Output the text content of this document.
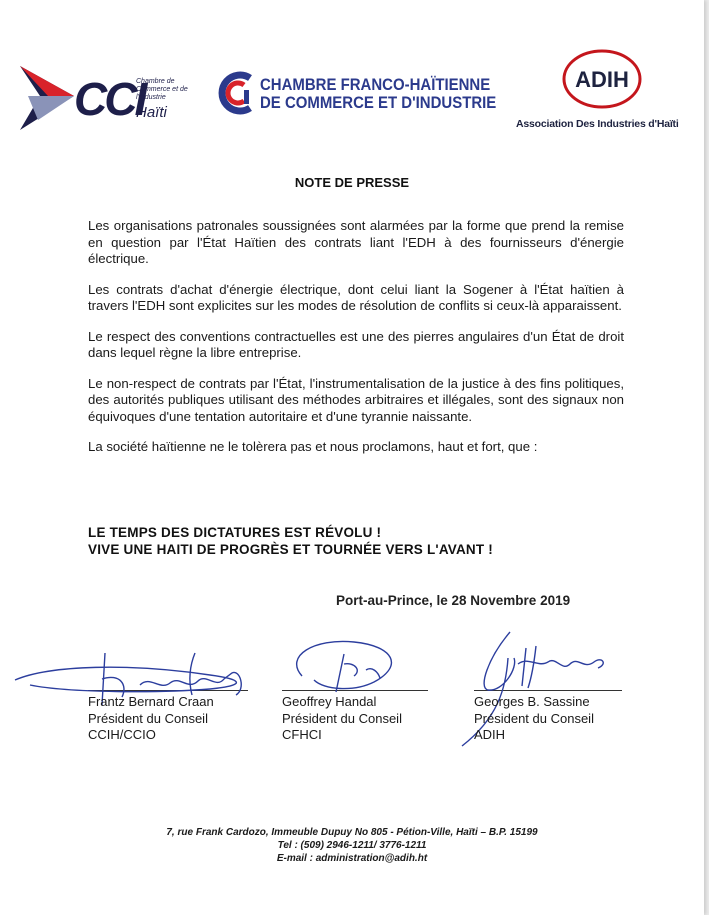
CCI
Chambre de Commerce et de l'Industrie
Haïti
CHAMBRE FRANCO-HAÏTIENNE
DE COMMERCE ET D'INDUSTRIE
ADIH
Association Des Industries d'Haïti
NOTE DE PRESSE

Les organisations patronales soussignées sont alarmées par la forme que prend la remise en question par l'État Haïtien des contrats liant l'EDH à des fournisseurs d'énergie électrique.

Les contrats d'achat d'énergie électrique, dont celui liant la Sogener à l'État haïtien à travers l'EDH sont explicites sur les modes de résolution de conflits si ceux-là apparaissent.

Le respect des conventions contractuelles est une des pierres angulaires d'un État de droit dans lequel règne la libre entreprise.

Le non-respect de contrats par l'État, l'instrumentalisation de la justice à des fins politiques, des autorités publiques utilisant des méthodes arbitraires et illégales, sont des signaux non équivoques d'une tentation autoritaire et d'une tyrannie naissante.

La société haïtienne ne le tolèrera pas et nous proclamons, haut et fort, que :

LE TEMPS DES DICTATURES EST RÉVOLU !
VIVE UNE HAITI DE PROGRÈS ET TOURNÉE VERS L'AVANT !
Port-au-Prince, le 28 Novembre 2019
Frantz Bernard Craan
Président du Conseil
CCIH/CCIO
Geoffrey Handal
Président du Conseil
CFHCI
Georges B. Sassine
Président du Conseil
ADIH
7, rue Frank Cardozo, Immeuble Dupuy No 805 - Pétion-Ville, Haïti – B.P. 15199
Tel : (509) 2946-1211/ 3776-1211
E-mail : administration@adih.ht
